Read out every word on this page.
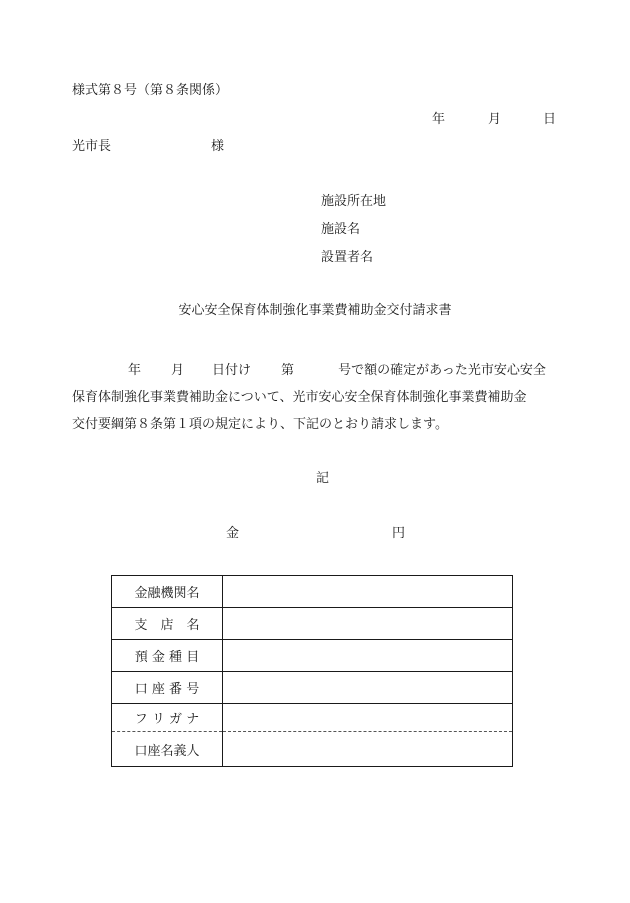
様式第８号（第８条関係）
年	月	日
光市長	様
施設所在地
施設名
設置者名
安心安全保育体制強化事業費補助金交付請求書
年 月 日付け 第	号で額の確定があった光市安心安全
保育体制強化事業費補助金について、光市安心安全保育体制強化事業費補助金
交付要綱第８条第１項の規定により、下記のとおり請求します。
記
金	円
金融機関名	
支　店　名	
預 金 種 目	
口 座 番 号	
フ リ ガ ナ	
口座名義人	
